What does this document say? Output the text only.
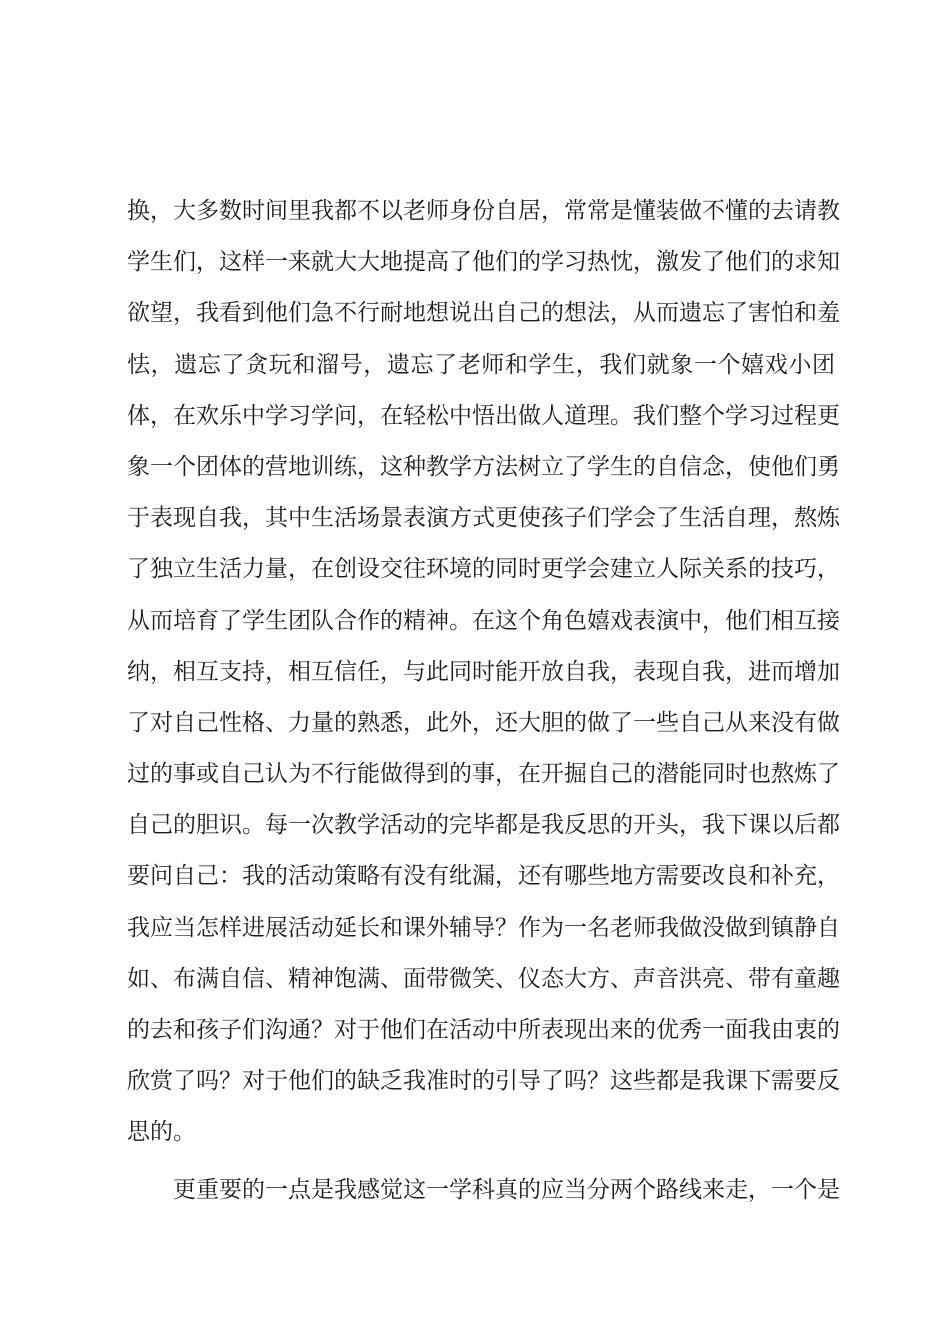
换，大多数时间里我都不以老师身份自居，常常是懂装做不懂的去请教
学生们，这样一来就大大地提高了他们的学习热忱，激发了他们的求知
欲望，我看到他们急不行耐地想说出自己的想法，从而遗忘了害怕和羞
怯，遗忘了贪玩和溜号，遗忘了老师和学生，我们就象一个嬉戏小团
体，在欢乐中学习学问，在轻松中悟出做人道理。我们整个学习过程更
象一个团体的营地训练，这种教学方法树立了学生的自信念，使他们勇
于表现自我，其中生活场景表演方式更使孩子们学会了生活自理，熬炼
了独立生活力量，在创设交往环境的同时更学会建立人际关系的技巧，
从而培育了学生团队合作的精神。在这个角色嬉戏表演中，他们相互接
纳，相互支持，相互信任，与此同时能开放自我，表现自我，进而增加
了对自己性格、力量的熟悉，此外，还大胆的做了一些自己从来没有做
过的事或自己认为不行能做得到的事，在开掘自己的潜能同时也熬炼了
自己的胆识。每一次教学活动的完毕都是我反思的开头，我下课以后都
要问自己：我的活动策略有没有纰漏，还有哪些地方需要改良和补充，
我应当怎样进展活动延长和课外辅导？作为一名老师我做没做到镇静自
如、布满自信、精神饱满、面带微笑、仪态大方、声音洪亮、带有童趣
的去和孩子们沟通？对于他们在活动中所表现出来的优秀一面我由衷的
欣赏了吗？对于他们的缺乏我准时的引导了吗？这些都是我课下需要反
思的。
更重要的一点是我感觉这一学科真的应当分两个路线来走，一个是
